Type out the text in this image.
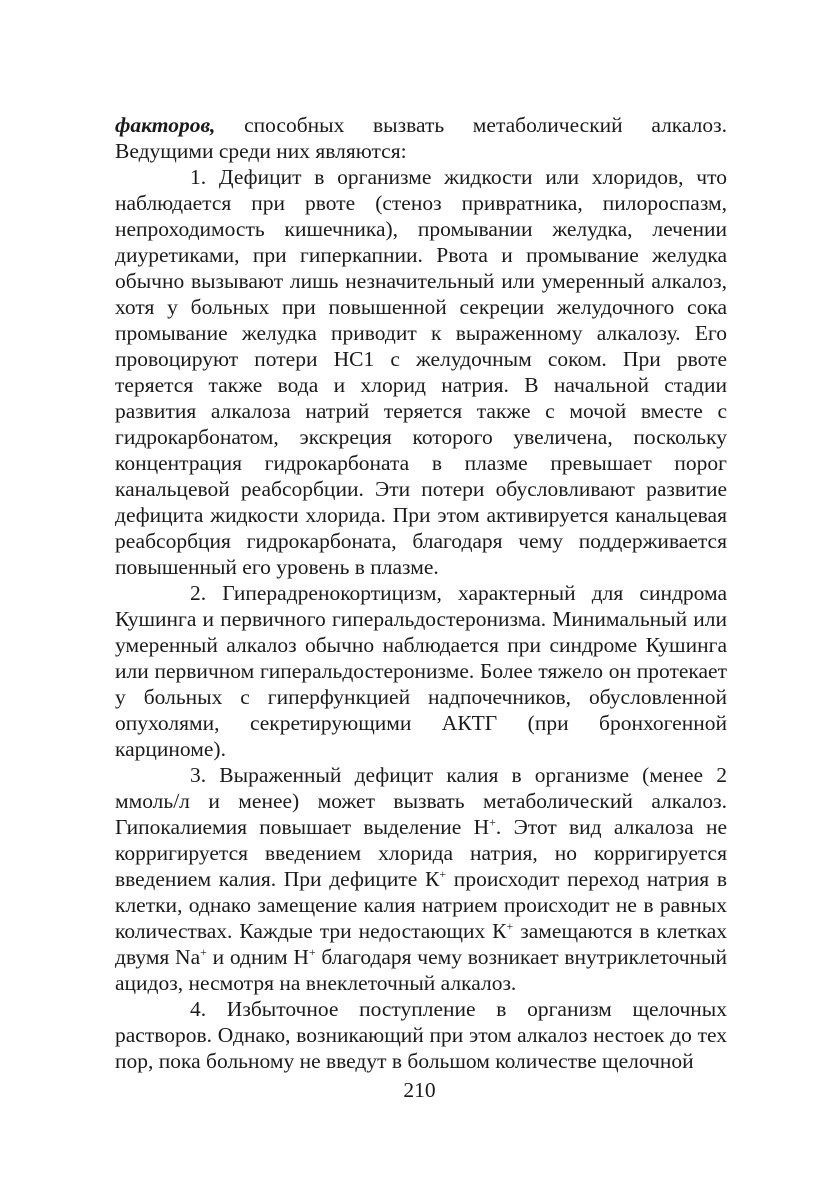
факторов, способных вызвать метаболический алкалоз. Ведущими среди них являются:

1. Дефицит в организме жидкости или хлоридов, что наблюдается при рвоте (стеноз привратника, пилороспазм, непроходимость кишечника), промывании желудка, лечении диуретиками, при гиперкапнии. Рвота и промывание желудка обычно вызывают лишь незначительный или умеренный алкалоз, хотя у больных при повышенной секреции желудочного сока промывание желудка приводит к выраженному алкалозу. Его провоцируют потери НС1 с желудочным соком. При рвоте теряется также вода и хлорид натрия. В начальной стадии развития алкалоза натрий теряется также с мочой вместе с гидрокарбонатом, экскреция которого увеличена, поскольку концентрация гидрокарбоната в плазме превышает порог канальцевой реабсорбции. Эти потери обусловливают развитие дефицита жидкости хлорида. При этом активируется канальцевая реабсорбция гидрокарбоната, благодаря чему поддерживается повышенный его уровень в плазме.

2. Гиперадренокортицизм, характерный для синдрома Кушинга и первичного гиперальдостеронизма. Минимальный или умеренный алкалоз обычно наблюдается при синдроме Кушинга или первичном гиперальдостеронизме. Более тяжело он протекает у больных с гиперфункцией надпочечников, обусловленной опухолями, секретирующими АКТГ (при бронхогенной карциноме).

3. Выраженный дефицит калия в организме (менее 2 ммоль/л и менее) может вызвать метаболический алкалоз. Гипокалиемия повышает выделение Н+. Этот вид алкалоза не корригируется введением хлорида натрия, но корригируется введением калия. При дефиците К+ происходит переход натрия в клетки, однако замещение калия натрием происходит не в равных количествах. Каждые три недостающих К+ замещаются в клетках двумя Na+ и одним Н+ благодаря чему возникает внутриклеточный ацидоз, несмотря на внеклеточный алкалоз.

4. Избыточное поступление в организм щелочных растворов. Однако, возникающий при этом алкалоз нестоек до тех пор, пока больному не введут в большом количестве щелочной

210
